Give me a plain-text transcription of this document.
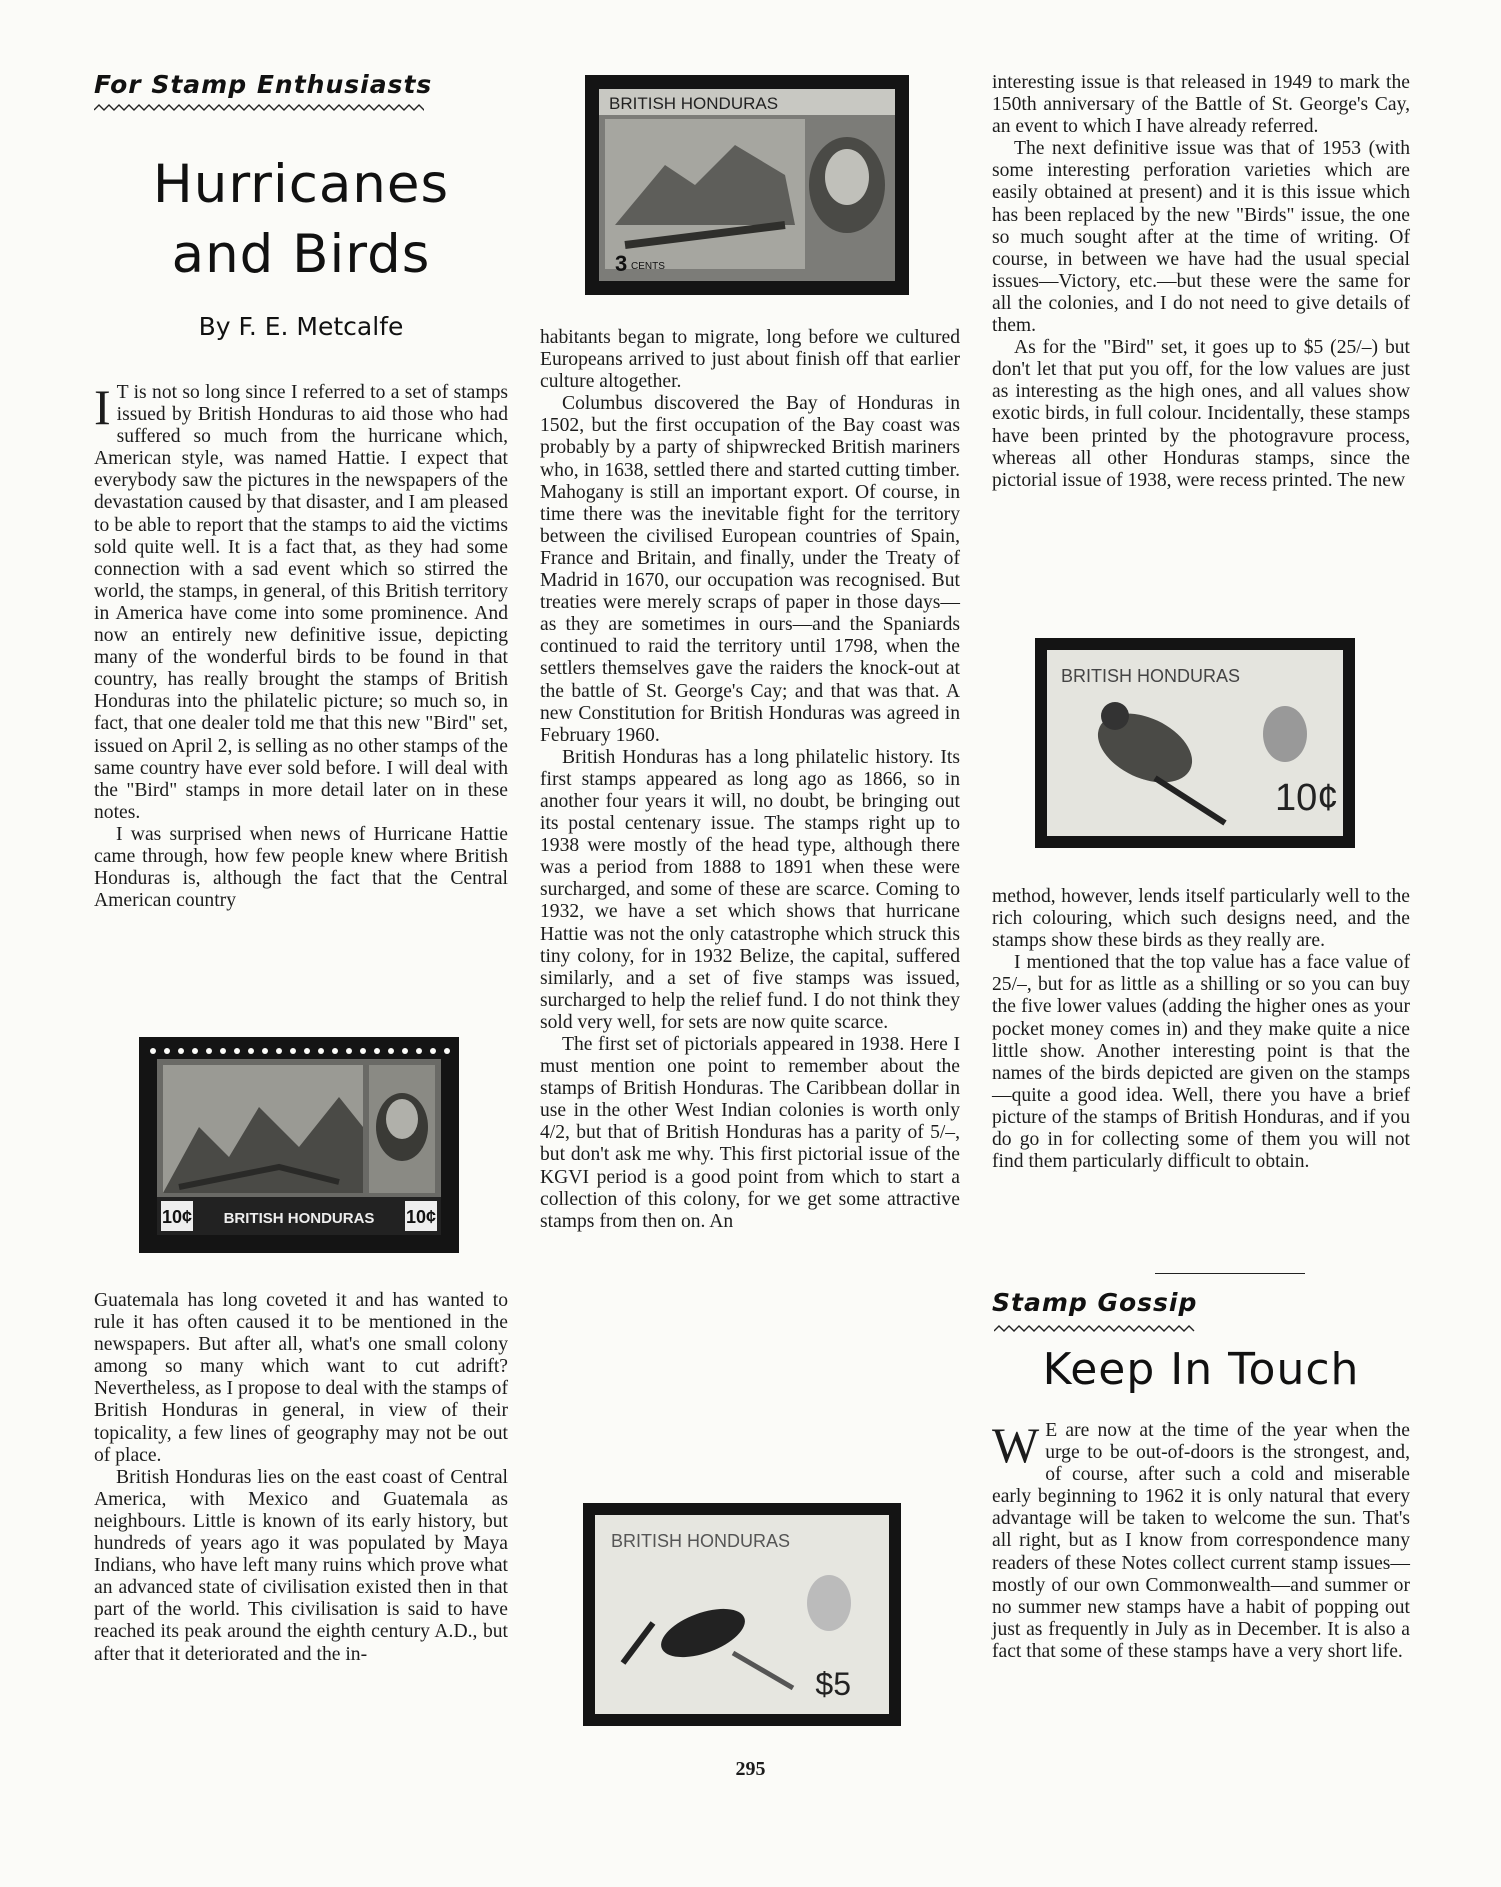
For Stamp Enthusiasts
Hurricanes
and Birds
By F. E. Metcalfe

I T is not so long since I referred to a set of stamps issued by British Honduras to aid those who had suffered so much from the hurricane which, American style, was named Hattie. I expect that everybody saw the pictures in the newspapers of the devastation caused by that disaster, and I am pleased to be able to report that the stamps to aid the victims sold quite well. It is a fact that, as they had some connection with a sad event which so stirred the world, the stamps, in general, of this British territory in America have come into some prominence. And now an entirely new definitive issue, depicting many of the wonderful birds to be found in that country, has really brought the stamps of British Honduras into the philatelic picture; so much so, in fact, that one dealer told me that this new "Bird" set, issued on April 2, is selling as no other stamps of the same country have ever sold before. I will deal with the "Bird" stamps in more detail later on in these notes.

I was surprised when news of Hurricane Hattie came through, how few people knew where British Honduras is, although the fact that the Central American country

10¢	10¢
BRITISH HONDURAS

Guatemala has long coveted it and has wanted to rule it has often caused it to be mentioned in the newspapers. But after all, what's one small colony among so many which want to cut adrift? Nevertheless, as I propose to deal with the stamps of British Honduras in general, in view of their topicality, a few lines of geography may not be out of place.

British Honduras lies on the east coast of Central America, with Mexico and Guatemala as neighbours. Little is known of its early history, but hundreds of years ago it was populated by Maya Indians, who have left many ruins which prove what an advanced state of civilisation existed then in that part of the world. This civilisation is said to have reached its peak around the eighth century A.D., but after that it deteriorated and the in-

BRITISH HONDURAS
3 CENTS

habitants began to migrate, long before we cultured Europeans arrived to just about finish off that earlier culture altogether.

Columbus discovered the Bay of Honduras in 1502, but the first occupation of the Bay coast was probably by a party of shipwrecked British mariners who, in 1638, settled there and started cutting timber. Mahogany is still an important export. Of course, in time there was the inevitable fight for the territory between the civilised European countries of Spain, France and Britain, and finally, under the Treaty of Madrid in 1670, our occupation was recognised. But treaties were merely scraps of paper in those days—as they are sometimes in ours—and the Spaniards continued to raid the territory until 1798, when the settlers themselves gave the raiders the knock-out at the battle of St. George's Cay; and that was that. A new Constitution for British Honduras was agreed in February 1960.

British Honduras has a long philatelic history. Its first stamps appeared as long ago as 1866, so in another four years it will, no doubt, be bringing out its postal centenary issue. The stamps right up to 1938 were mostly of the head type, although there was a period from 1888 to 1891 when these were surcharged, and some of these are scarce. Coming to 1932, we have a set which shows that hurricane Hattie was not the only catastrophe which struck this tiny colony, for in 1932 Belize, the capital, suffered similarly, and a set of five stamps was issued, surcharged to help the relief fund. I do not think they sold very well, for sets are now quite scarce.

The first set of pictorials appeared in 1938. Here I must mention one point to remember about the stamps of British Honduras. The Caribbean dollar in use in the other West Indian colonies is worth only 4/2, but that of British Honduras has a parity of 5/–, but don't ask me why. This first pictorial issue of the KGVI period is a good point from which to start a collection of this colony, for we get some attractive stamps from then on. An

BRITISH HONDURAS
$5

interesting issue is that released in 1949 to mark the 150th anniversary of the Battle of St. George's Cay, an event to which I have already referred.

The next definitive issue was that of 1953 (with some interesting perforation varieties which are easily obtained at present) and it is this issue which has been replaced by the new "Birds" issue, the one so much sought after at the time of writing. Of course, in between we have had the usual special issues—Victory, etc.—but these were the same for all the colonies, and I do not need to give details of them.

As for the "Bird" set, it goes up to $5 (25/–) but don't let that put you off, for the low values are just as interesting as the high ones, and all values show exotic birds, in full colour. Incidentally, these stamps have been printed by the photogravure process, whereas all other Honduras stamps, since the pictorial issue of 1938, were recess printed. The new

BRITISH HONDURAS
10¢

method, however, lends itself particularly well to the rich colouring, which such designs need, and the stamps show these birds as they really are.

I mentioned that the top value has a face value of 25/–, but for as little as a shilling or so you can buy the five lower values (adding the higher ones as your pocket money comes in) and they make quite a nice little show. Another interesting point is that the names of the birds depicted are given on the stamps—quite a good idea. Well, there you have a brief picture of the stamps of British Honduras, and if you do go in for collecting some of them you will not find them particularly difficult to obtain.

Stamp Gossip
Keep In Touch

W E are now at the time of the year when the urge to be out-of-doors is the strongest, and, of course, after such a cold and miserable early beginning to 1962 it is only natural that every advantage will be taken to welcome the sun. That's all right, but as I know from correspondence many readers of these Notes collect current stamp issues—mostly of our own Commonwealth—and summer or no summer new stamps have a habit of popping out just as frequently in July as in December. It is also a fact that some of these stamps have a very short life.

295
